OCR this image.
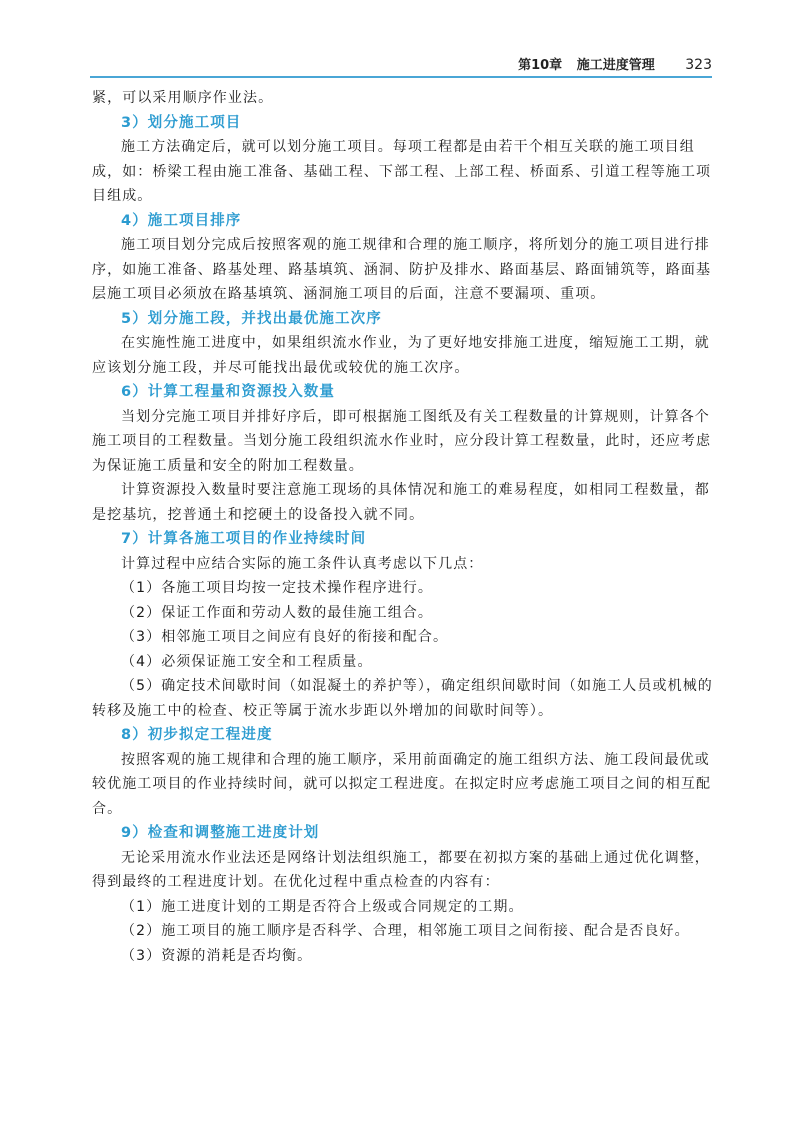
第10章 施工进度管理 323

紧，可以采用顺序作业法。

3）划分施工项目

施工方法确定后，就可以划分施工项目。每项工程都是由若干个相互关联的施工项目组成，如：桥梁工程由施工准备、基础工程、下部工程、上部工程、桥面系、引道工程等施工项目组成。

4）施工项目排序

施工项目划分完成后按照客观的施工规律和合理的施工顺序，将所划分的施工项目进行排序，如施工准备、路基处理、路基填筑、涵洞、防护及排水、路面基层、路面铺筑等，路面基层施工项目必须放在路基填筑、涵洞施工项目的后面，注意不要漏项、重项。

5）划分施工段，并找出最优施工次序

在实施性施工进度中，如果组织流水作业，为了更好地安排施工进度，缩短施工工期，就应该划分施工段，并尽可能找出最优或较优的施工次序。

6）计算工程量和资源投入数量

当划分完施工项目并排好序后，即可根据施工图纸及有关工程数量的计算规则，计算各个施工项目的工程数量。当划分施工段组织流水作业时，应分段计算工程数量，此时，还应考虑为保证施工质量和安全的附加工程数量。

计算资源投入数量时要注意施工现场的具体情况和施工的难易程度，如相同工程数量，都是挖基坑，挖普通土和挖硬土的设备投入就不同。

7）计算各施工项目的作业持续时间

计算过程中应结合实际的施工条件认真考虑以下几点：

（1）各施工项目均按一定技术操作程序进行。

（2）保证工作面和劳动人数的最佳施工组合。

（3）相邻施工项目之间应有良好的衔接和配合。

（4）必须保证施工安全和工程质量。

（5）确定技术间歇时间（如混凝土的养护等），确定组织间歇时间（如施工人员或机械的转移及施工中的检查、校正等属于流水步距以外增加的间歇时间等）。

8）初步拟定工程进度

按照客观的施工规律和合理的施工顺序，采用前面确定的施工组织方法、施工段间最优或较优施工项目的作业持续时间，就可以拟定工程进度。在拟定时应考虑施工项目之间的相互配合。

9）检查和调整施工进度计划

无论采用流水作业法还是网络计划法组织施工，都要在初拟方案的基础上通过优化调整，得到最终的工程进度计划。在优化过程中重点检查的内容有：

（1）施工进度计划的工期是否符合上级或合同规定的工期。

（2）施工项目的施工顺序是否科学、合理，相邻施工项目之间衔接、配合是否良好。

（3）资源的消耗是否均衡。
